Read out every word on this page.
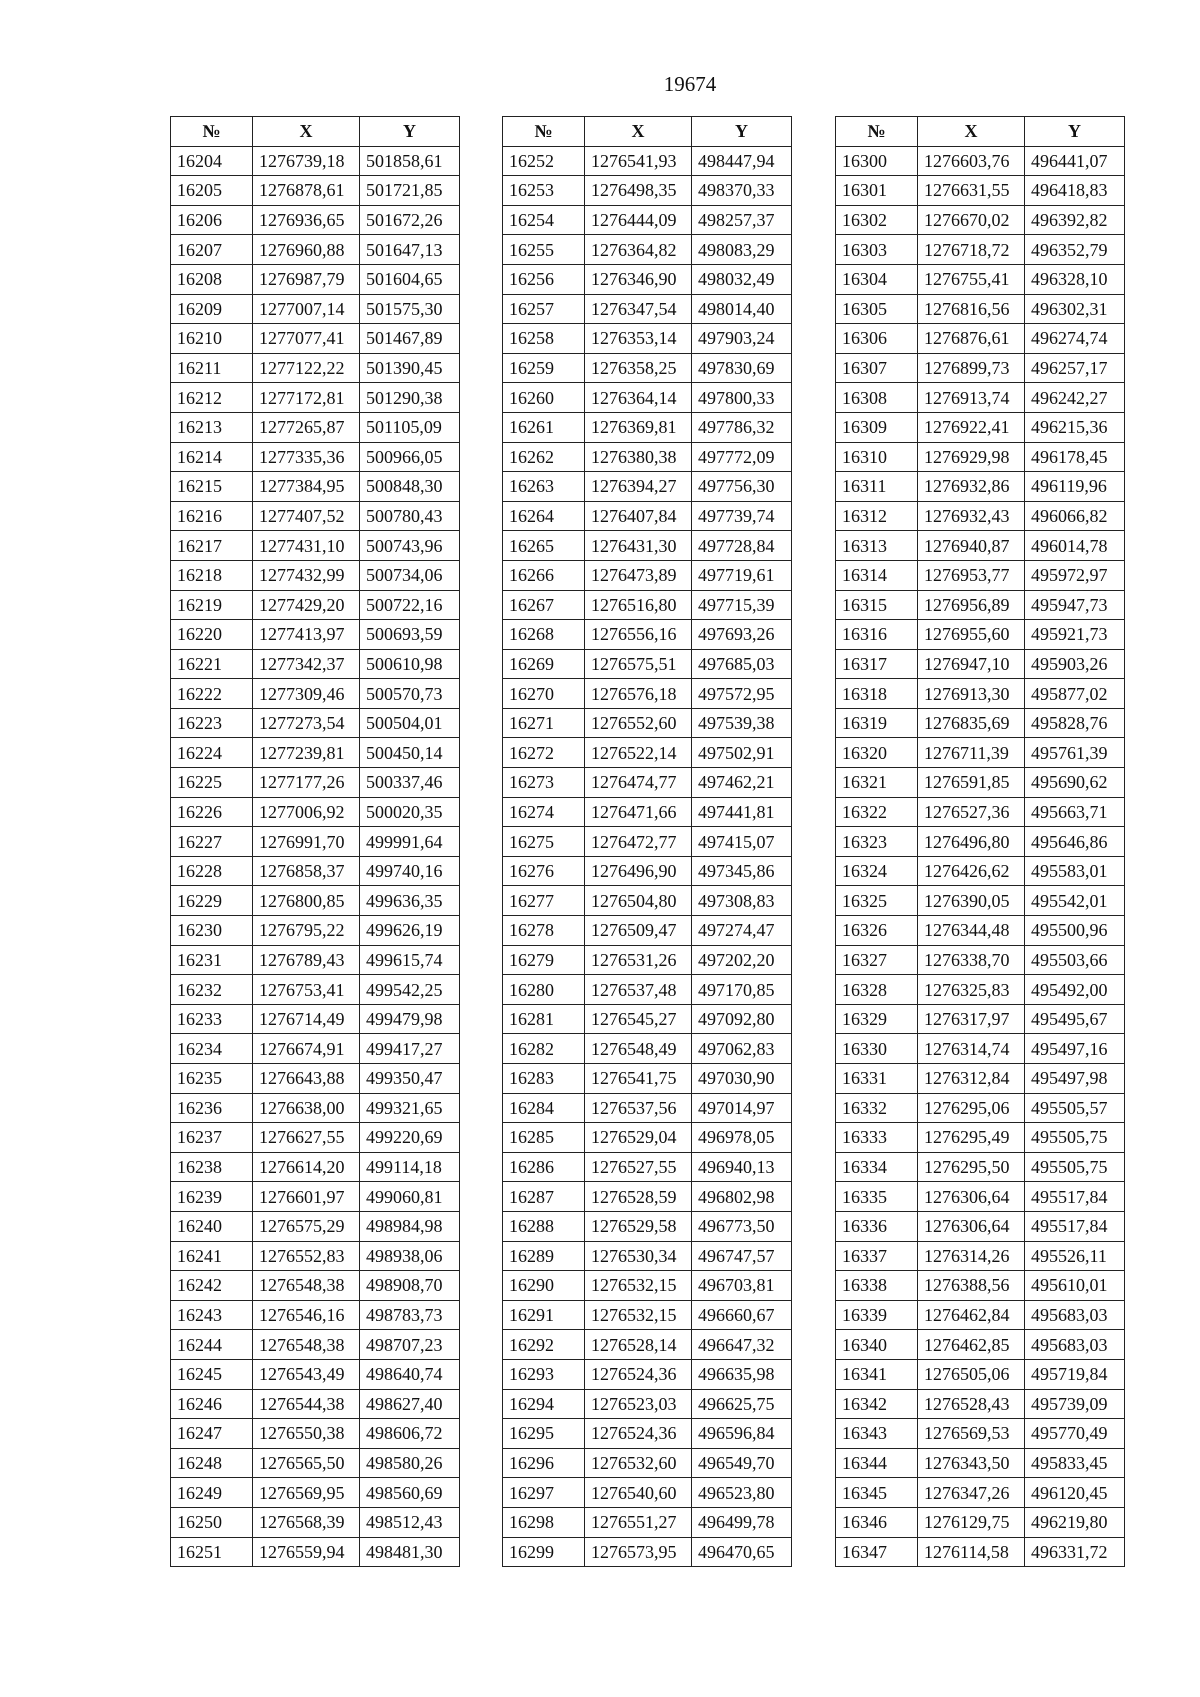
19674
№	X	Y
16204	1276739,18	501858,61
16205	1276878,61	501721,85
16206	1276936,65	501672,26
16207	1276960,88	501647,13
16208	1276987,79	501604,65
16209	1277007,14	501575,30
16210	1277077,41	501467,89
16211	1277122,22	501390,45
16212	1277172,81	501290,38
16213	1277265,87	501105,09
16214	1277335,36	500966,05
16215	1277384,95	500848,30
16216	1277407,52	500780,43
16217	1277431,10	500743,96
16218	1277432,99	500734,06
16219	1277429,20	500722,16
16220	1277413,97	500693,59
16221	1277342,37	500610,98
16222	1277309,46	500570,73
16223	1277273,54	500504,01
16224	1277239,81	500450,14
16225	1277177,26	500337,46
16226	1277006,92	500020,35
16227	1276991,70	499991,64
16228	1276858,37	499740,16
16229	1276800,85	499636,35
16230	1276795,22	499626,19
16231	1276789,43	499615,74
16232	1276753,41	499542,25
16233	1276714,49	499479,98
16234	1276674,91	499417,27
16235	1276643,88	499350,47
16236	1276638,00	499321,65
16237	1276627,55	499220,69
16238	1276614,20	499114,18
16239	1276601,97	499060,81
16240	1276575,29	498984,98
16241	1276552,83	498938,06
16242	1276548,38	498908,70
16243	1276546,16	498783,73
16244	1276548,38	498707,23
16245	1276543,49	498640,74
16246	1276544,38	498627,40
16247	1276550,38	498606,72
16248	1276565,50	498580,26
16249	1276569,95	498560,69
16250	1276568,39	498512,43
16251	1276559,94	498481,30
№	X	Y
16252	1276541,93	498447,94
16253	1276498,35	498370,33
16254	1276444,09	498257,37
16255	1276364,82	498083,29
16256	1276346,90	498032,49
16257	1276347,54	498014,40
16258	1276353,14	497903,24
16259	1276358,25	497830,69
16260	1276364,14	497800,33
16261	1276369,81	497786,32
16262	1276380,38	497772,09
16263	1276394,27	497756,30
16264	1276407,84	497739,74
16265	1276431,30	497728,84
16266	1276473,89	497719,61
16267	1276516,80	497715,39
16268	1276556,16	497693,26
16269	1276575,51	497685,03
16270	1276576,18	497572,95
16271	1276552,60	497539,38
16272	1276522,14	497502,91
16273	1276474,77	497462,21
16274	1276471,66	497441,81
16275	1276472,77	497415,07
16276	1276496,90	497345,86
16277	1276504,80	497308,83
16278	1276509,47	497274,47
16279	1276531,26	497202,20
16280	1276537,48	497170,85
16281	1276545,27	497092,80
16282	1276548,49	497062,83
16283	1276541,75	497030,90
16284	1276537,56	497014,97
16285	1276529,04	496978,05
16286	1276527,55	496940,13
16287	1276528,59	496802,98
16288	1276529,58	496773,50
16289	1276530,34	496747,57
16290	1276532,15	496703,81
16291	1276532,15	496660,67
16292	1276528,14	496647,32
16293	1276524,36	496635,98
16294	1276523,03	496625,75
16295	1276524,36	496596,84
16296	1276532,60	496549,70
16297	1276540,60	496523,80
16298	1276551,27	496499,78
16299	1276573,95	496470,65
№	X	Y
16300	1276603,76	496441,07
16301	1276631,55	496418,83
16302	1276670,02	496392,82
16303	1276718,72	496352,79
16304	1276755,41	496328,10
16305	1276816,56	496302,31
16306	1276876,61	496274,74
16307	1276899,73	496257,17
16308	1276913,74	496242,27
16309	1276922,41	496215,36
16310	1276929,98	496178,45
16311	1276932,86	496119,96
16312	1276932,43	496066,82
16313	1276940,87	496014,78
16314	1276953,77	495972,97
16315	1276956,89	495947,73
16316	1276955,60	495921,73
16317	1276947,10	495903,26
16318	1276913,30	495877,02
16319	1276835,69	495828,76
16320	1276711,39	495761,39
16321	1276591,85	495690,62
16322	1276527,36	495663,71
16323	1276496,80	495646,86
16324	1276426,62	495583,01
16325	1276390,05	495542,01
16326	1276344,48	495500,96
16327	1276338,70	495503,66
16328	1276325,83	495492,00
16329	1276317,97	495495,67
16330	1276314,74	495497,16
16331	1276312,84	495497,98
16332	1276295,06	495505,57
16333	1276295,49	495505,75
16334	1276295,50	495505,75
16335	1276306,64	495517,84
16336	1276306,64	495517,84
16337	1276314,26	495526,11
16338	1276388,56	495610,01
16339	1276462,84	495683,03
16340	1276462,85	495683,03
16341	1276505,06	495719,84
16342	1276528,43	495739,09
16343	1276569,53	495770,49
16344	1276343,50	495833,45
16345	1276347,26	496120,45
16346	1276129,75	496219,80
16347	1276114,58	496331,72
